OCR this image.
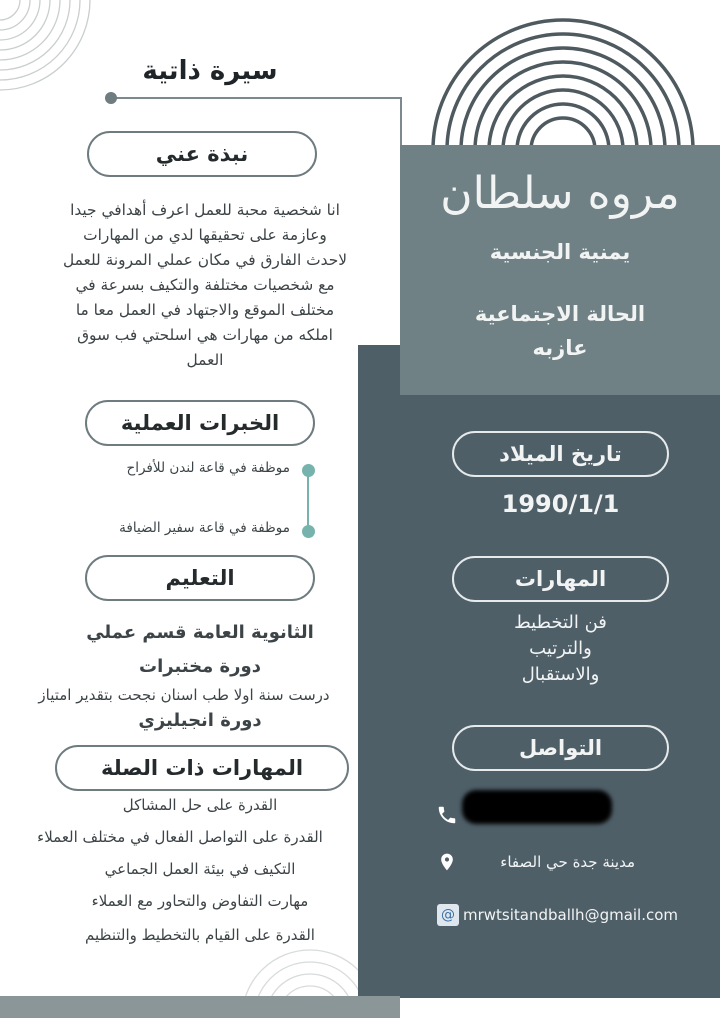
سيرة ذاتية
مروه سلطان
يمنية الجنسية
الحالة الاجتماعية
عازبه
نبذة عني
انا شخصية محبة للعمل اعرف أهدافي جيدا
وعازمة على تحقيقها لدي من المهارات
لاحدث الفارق في مكان عملي المرونة للعمل
مع شخصيات مختلفة والتكيف بسرعة في
مختلف الموقع والاجتهاد في العمل معا ما
املكه من مهارات هي اسلحتي فب سوق
العمل
الخبرات العملية
موظفة في قاعة لندن للأفراح
موظفة في قاعة سفير الضيافة
التعليم
الثانوية العامة قسم عملي
دورة مختبرات
درست سنة اولا طب اسنان نجحت بتقدير امتياز
دورة انجيليزي
المهارات ذات الصلة
القدرة على حل المشاكل
القدرة على التواصل الفعال في مختلف العملاء
التكيف في بيئة العمل الجماعي
مهارت التفاوض والتحاور مع العملاء
القدرة على القيام بالتخطيط والتنظيم
تاريخ الميلاد
1990/1/1
المهارات
فن التخطيط
والترتيب
والاستقبال
التواصل
مدينة جدة حي الصفاء
@ mrwtsitandballh@gmail.com
